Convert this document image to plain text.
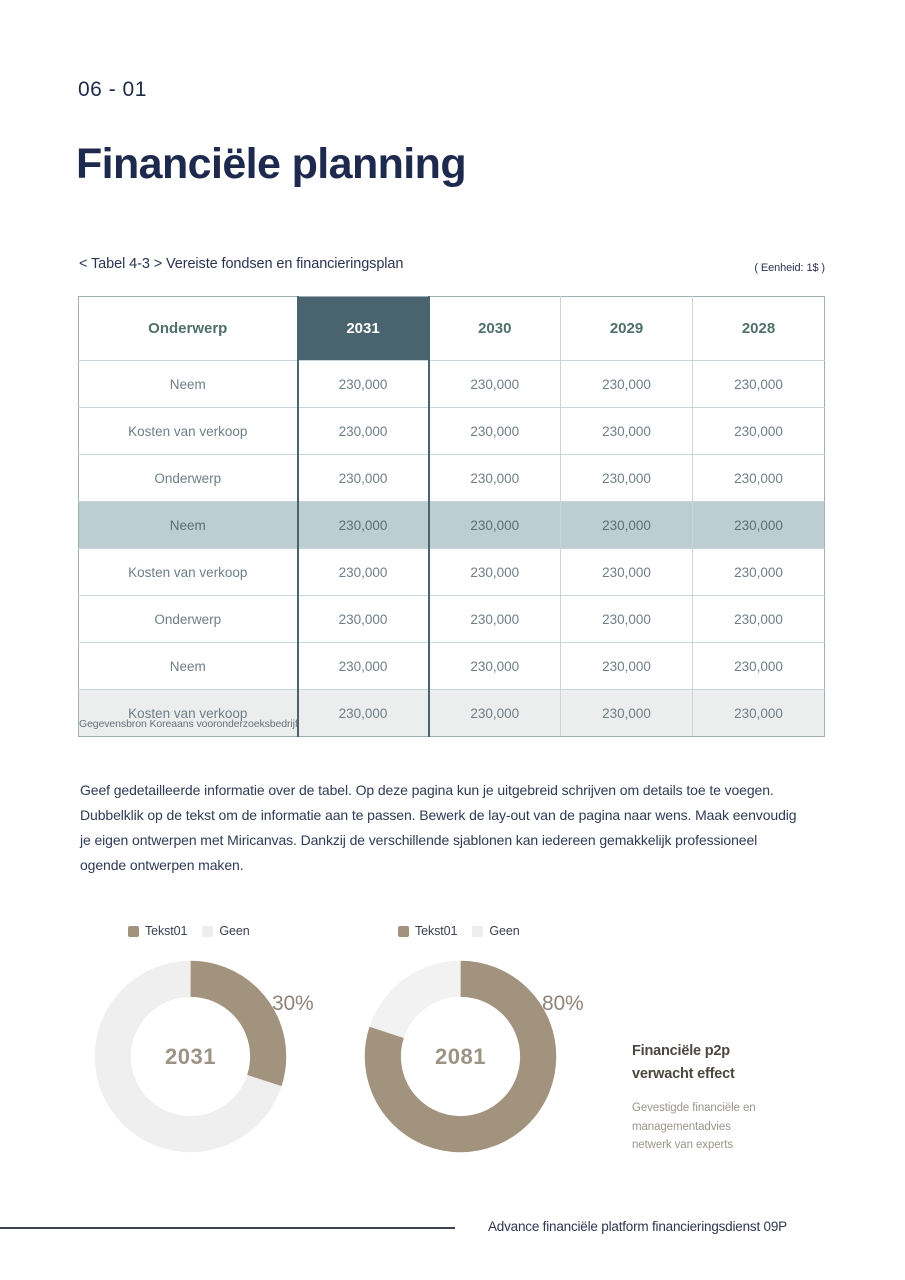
06 - 01
Financiële planning
< Tabel 4-3 > Vereiste fondsen en financieringsplan	( Eenheid: 1$ )
Onderwerp	2031	2030	2029	2028
Neem	230,000	230,000	230,000	230,000
Kosten van verkoop	230,000	230,000	230,000	230,000
Onderwerp	230,000	230,000	230,000	230,000
Neem	230,000	230,000	230,000	230,000
Kosten van verkoop	230,000	230,000	230,000	230,000
Onderwerp	230,000	230,000	230,000	230,000
Neem	230,000	230,000	230,000	230,000
Kosten van verkoop	230,000	230,000	230,000	230,000
Gegevensbron Koreaans vooronderzoeksbedrijf

Geef gedetailleerde informatie over de tabel. Op deze pagina kun je uitgebreid schrijven om details toe te voegen. Dubbelklik op de tekst om de informatie aan te passen. Bewerk de lay-out van de pagina naar wens. Maak eenvoudig je eigen ontwerpen met Miricanvas. Dankzij de verschillende sjablonen kan iedereen gemakkelijk professioneel ogende ontwerpen maken.

Tekst01	Geen
2031
Tekst01	Geen
2081
30%	80%
Financiële p2p
verwacht effect
Gevestigde financiële en
managementadvies
netwerk van experts
Advance financiële platform financieringsdienst 09P
